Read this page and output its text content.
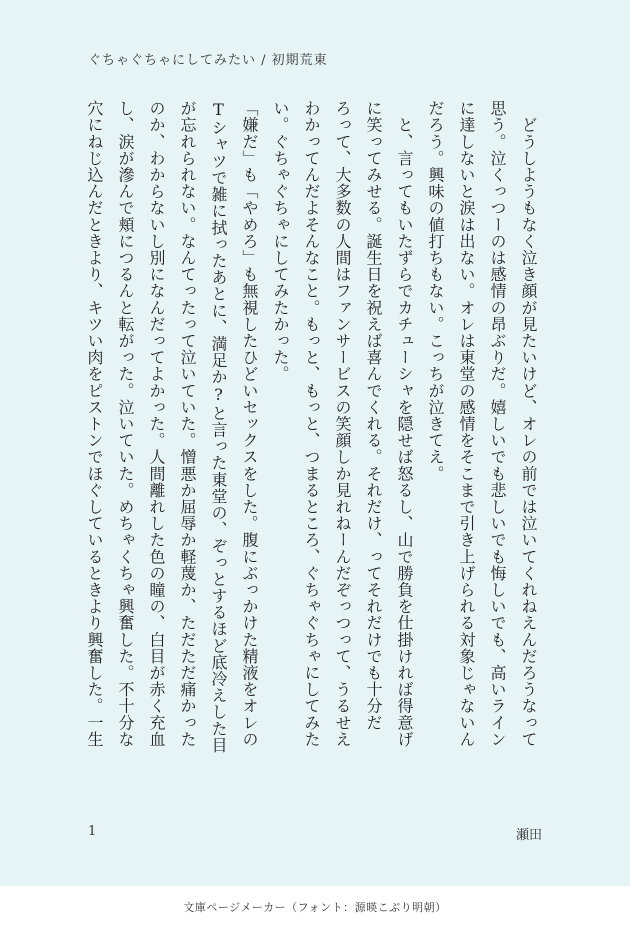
ぐちゃぐちゃにしてみたい / 初期荒東

　どうしようもなく泣き顔が見たいけど、オレの前では泣いてくれねえんだろうなって

思う。泣くっつーのは感情の昂ぶりだ。嬉しいでも悲しいでも悔しいでも、高いライン

に達しないと涙は出ない。オレは東堂の感情をそこまで引き上げられる対象じゃないん

だろう。興味の値打ちもない。こっちが泣きてえ。

　と、言ってもいたずらでカチューシャを隠せば怒るし、山で勝負を仕掛ければ得意げ

に笑ってみせる。誕生日を祝えば喜んでくれる。それだけ、ってそれだけでも十分だ

ろって、大多数の人間はファンサービスの笑顔しか見れねーんだぞっつって、うるせえ

わかってんだよそんなこと。もっと、もっと、つまるところ、ぐちゃぐちゃにしてみた

い。ぐちゃぐちゃにしてみたかった。

「嫌だ」も「やめろ」も無視したひどいセックスをした。腹にぶっかけた精液をオレの

Tシャツで雑に拭ったあとに、満足か?と言った東堂の、ぞっとするほど底冷えした目

が忘れられない。なんてったって泣いていた。憎悪か屈辱か軽蔑か、ただただ痛かった

のか、わからないし別になんだってよかった。人間離れした色の瞳の、白目が赤く充血

し、涙が滲んで頬につるんと転がった。泣いていた。めちゃくちゃ興奮した。不十分な

穴にねじ込んだときより、キツい肉をピストンでほぐしているときより興奮した。一生

1	瀬田
文庫ページメーカー（フォント：源暎こぶり明朝）
